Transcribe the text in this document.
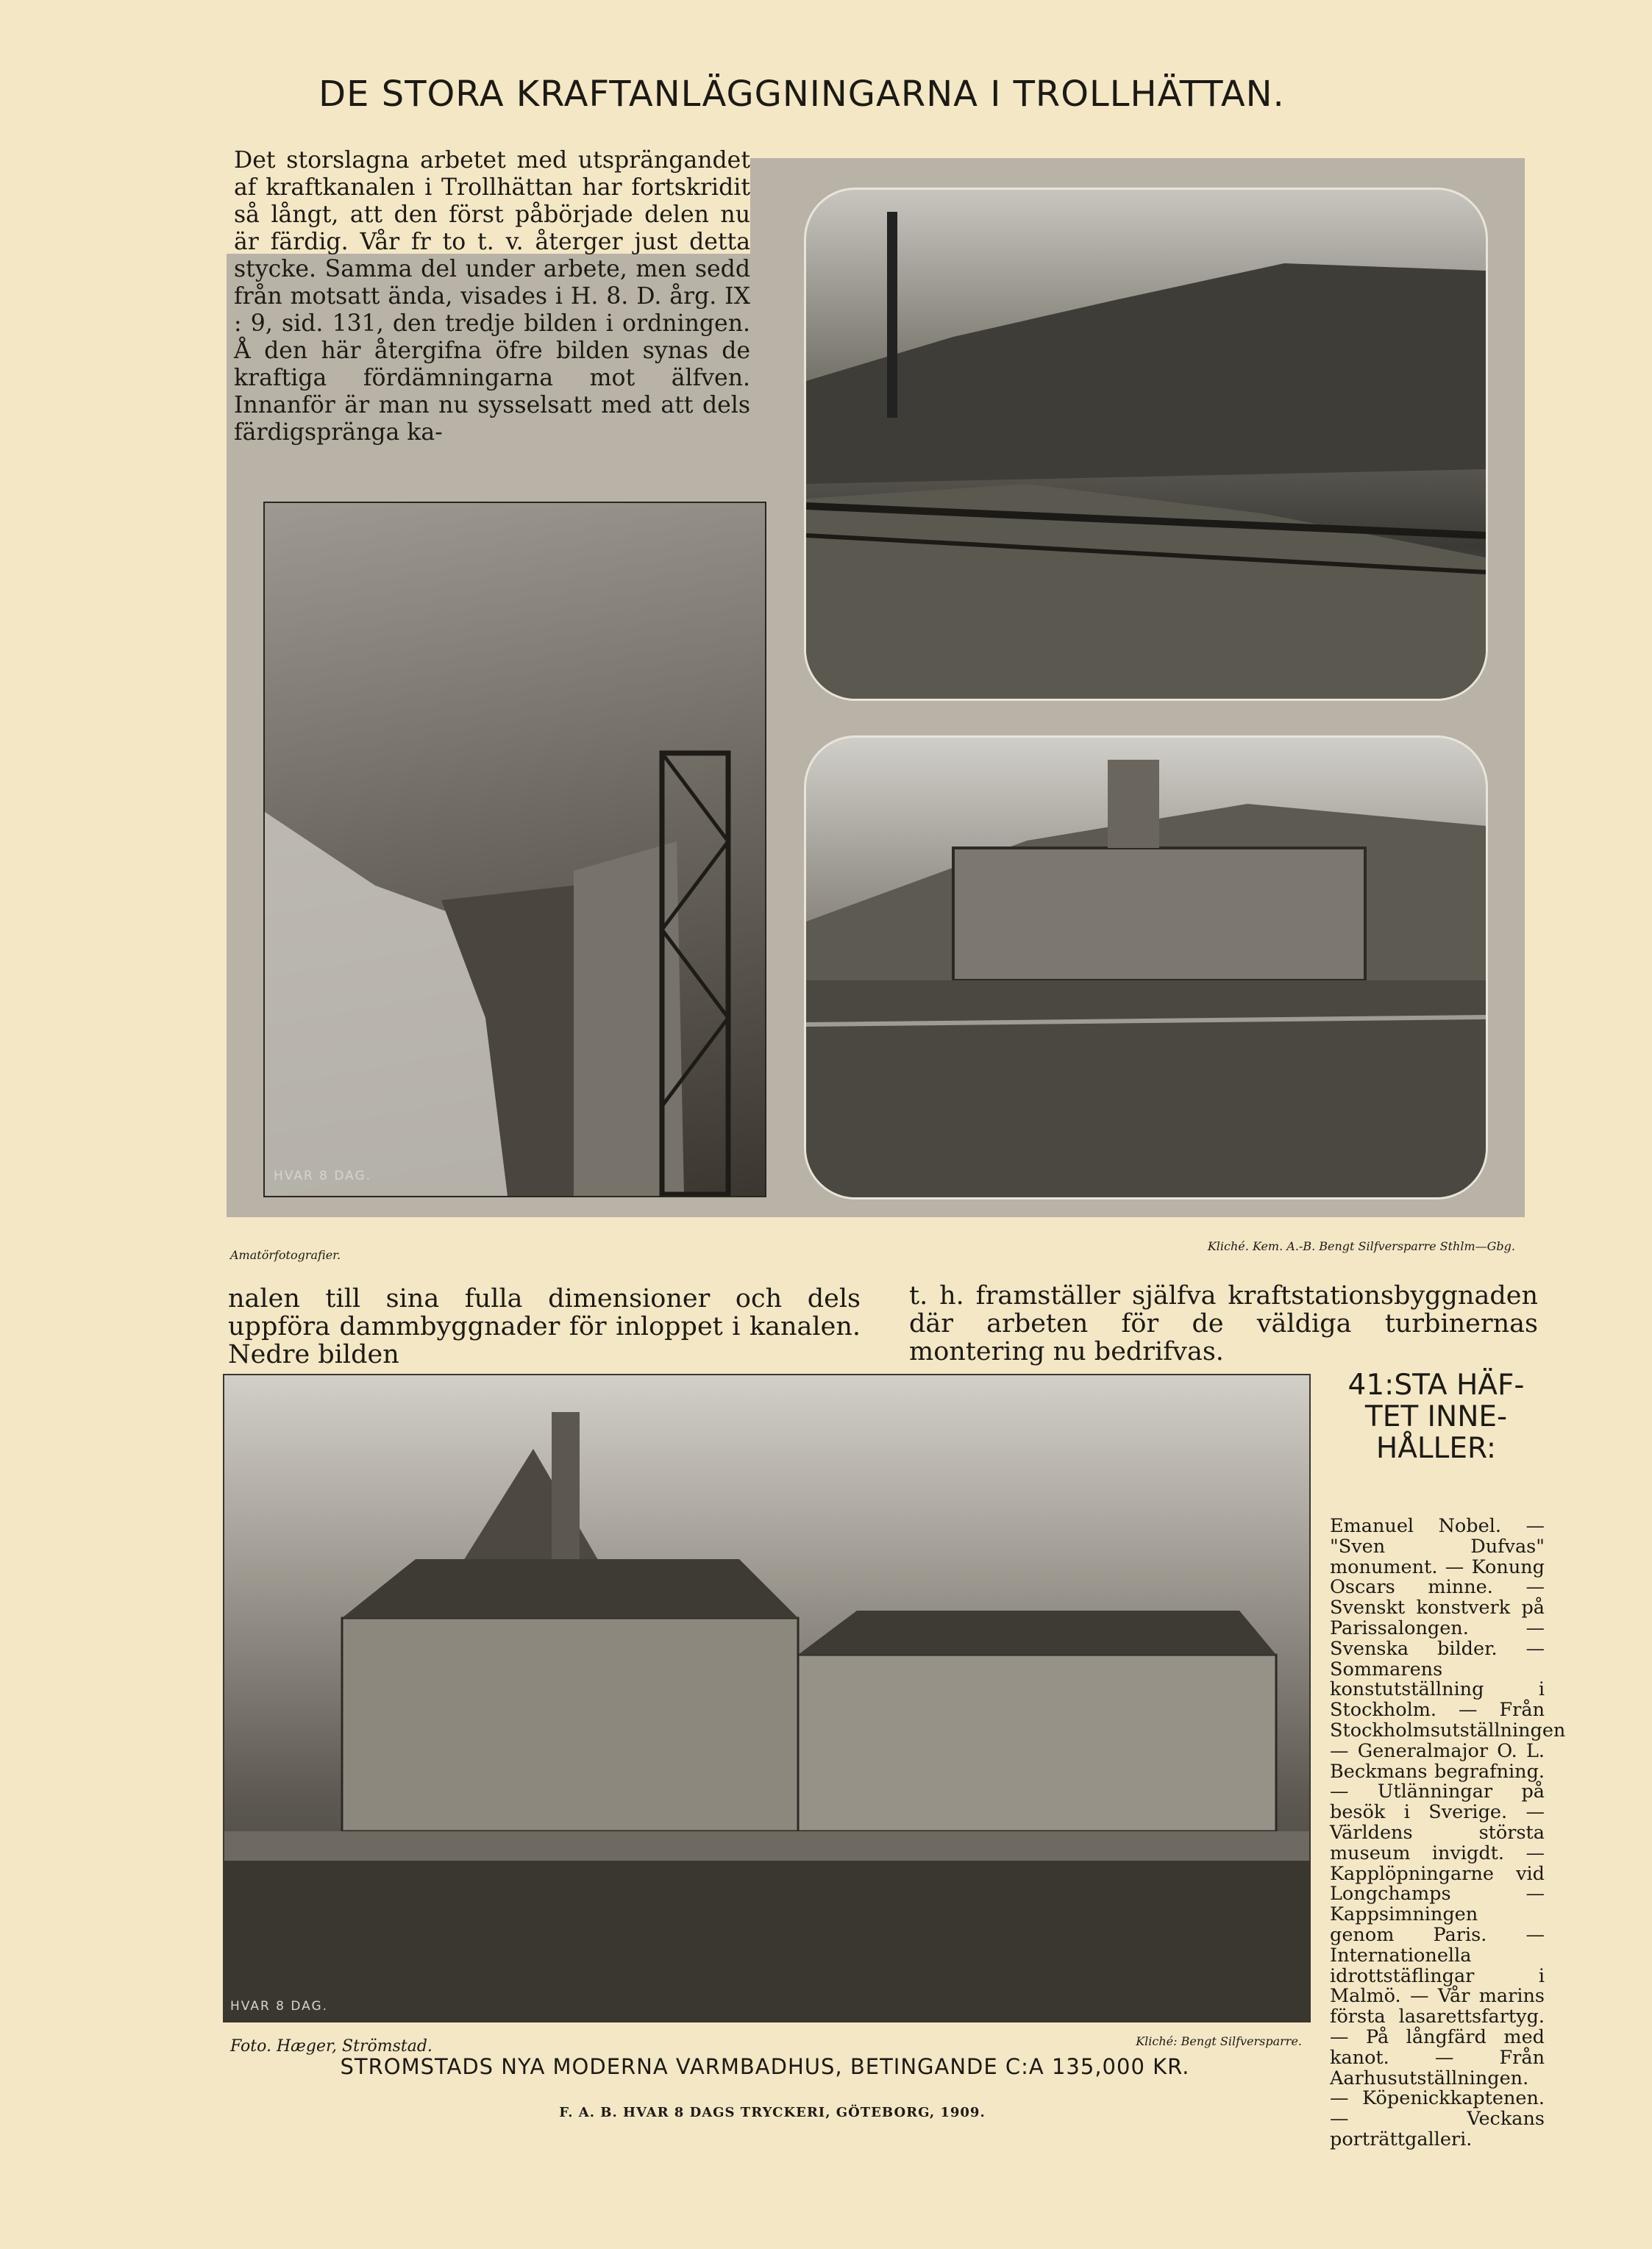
DE STORA KRAFTANLÄGGNINGARNA I TROLLHÄTTAN.
Det storslagna arbetet med utsprängandet af kraftkanalen i Trollhättan har fortskridit så långt, att den först påbörjade delen nu är färdig. Vår fr to t. v. återger just detta stycke. Samma del under arbete, men sedd från motsatt ända, visades i H. 8. D. årg. IX : 9, sid. 131, den tredje bilden i ordningen. Å den här återgifna öfre bilden synas de kraftiga fördämningarna mot älfven. Innanför är man nu sysselsatt med att dels färdigspränga ka-
HVAR 8 DAG.
Amatörfotografier.
Kliché. Kem. A.-B. Bengt Silfversparre Sthlm—Gbg.
nalen till sina fulla dimensioner och dels uppföra dammbyggnader för inloppet i kanalen. Nedre bilden
t. h. framställer själfva kraftstationsbyggnaden där arbeten för de väldiga turbinernas montering nu bedrifvas.
HVAR 8 DAG.
41:STA HÄF-TET INNE-HÅLLER:
Emanuel Nobel. — "Sven Dufvas" monument. — Konung Oscars minne. — Svenskt konstverk på Parissalongen. — Svenska bilder. — Sommarens konstutställning i Stockholm. — Från Stockholmsutställningen — Generalmajor O. L. Beckmans begrafning. — Utlänningar på besök i Sverige. — Världens största museum invigdt. — Kapplöpningarne vid Longchamps — Kappsimningen genom Paris. — Internationella idrottstäflingar i Malmö. — Vår marins första lasarettsfartyg. — På långfärd med kanot. — Från Aarhusutställningen. — Köpenickkaptenen. — Veckans porträttgalleri.
Foto. Hæger, Strömstad.	Kliché: Bengt Silfversparre.
STROMSTADS NYA MODERNA VARMBADHUS, BETINGANDE C:A 135,000 KR.
F. A. B. HVAR 8 DAGS TRYCKERI, GÖTEBORG, 1909.
